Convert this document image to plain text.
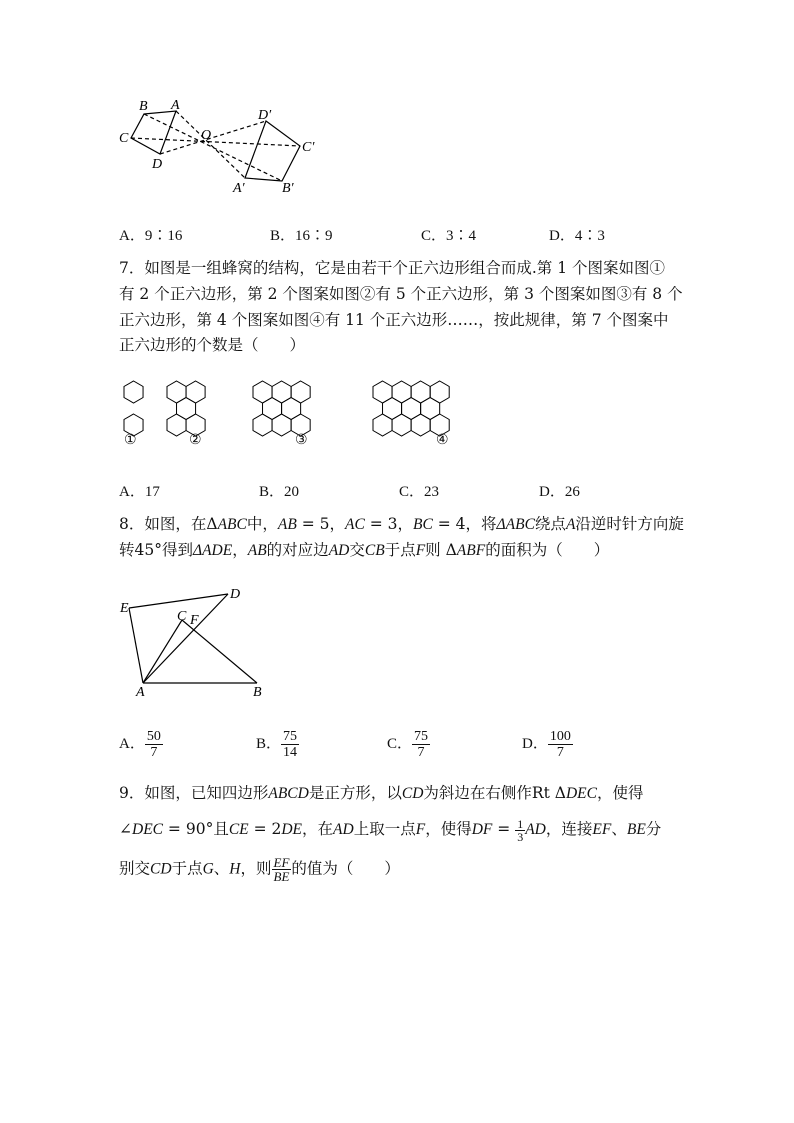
B A
C	O
D
D′
C′
A′	B′
A．9∶16	B．16∶9	C．3∶4	D．4∶3
7．如图是一组蜂窝的结构，它是由若干个正六边形组合而成.第 1 个图案如图①
有 2 个正六边形，第 2 个图案如图②有 5 个正六边形，第 3 个图案如图③有 8 个
正六边形，第 4 个图案如图④有 11 个正六边形……，按此规律，第 7 个图案中
正六边形的个数是（　　）
①	②	③	④
A．17	B．20	C．23	D．26
8．如图，在ΔABC中，AB = 5，AC = 3，BC = 4，将ΔABC绕点A沿逆时针方向旋
转45°得到ΔADE，AB的对应边AD交CB于点F则 ΔABF的面积为（　　）
E
D
C F
A	B
A． $\frac{50}{7}$	B． $\frac{75}{14}$	C． $\frac{75}{7}$	D． $\frac{100}{7}$
9．如图，已知四边形ABCD是正方形，以CD为斜边在右侧作Rt ΔDEC，使得
∠DEC = 90°且CE = 2DE，在AD上取一点F，使得DF = $\frac{1}{3}$ AD，连接EF、BE分
别交CD于点G、H，则 $\frac{EF}{BE}$ 的值为（　　）
